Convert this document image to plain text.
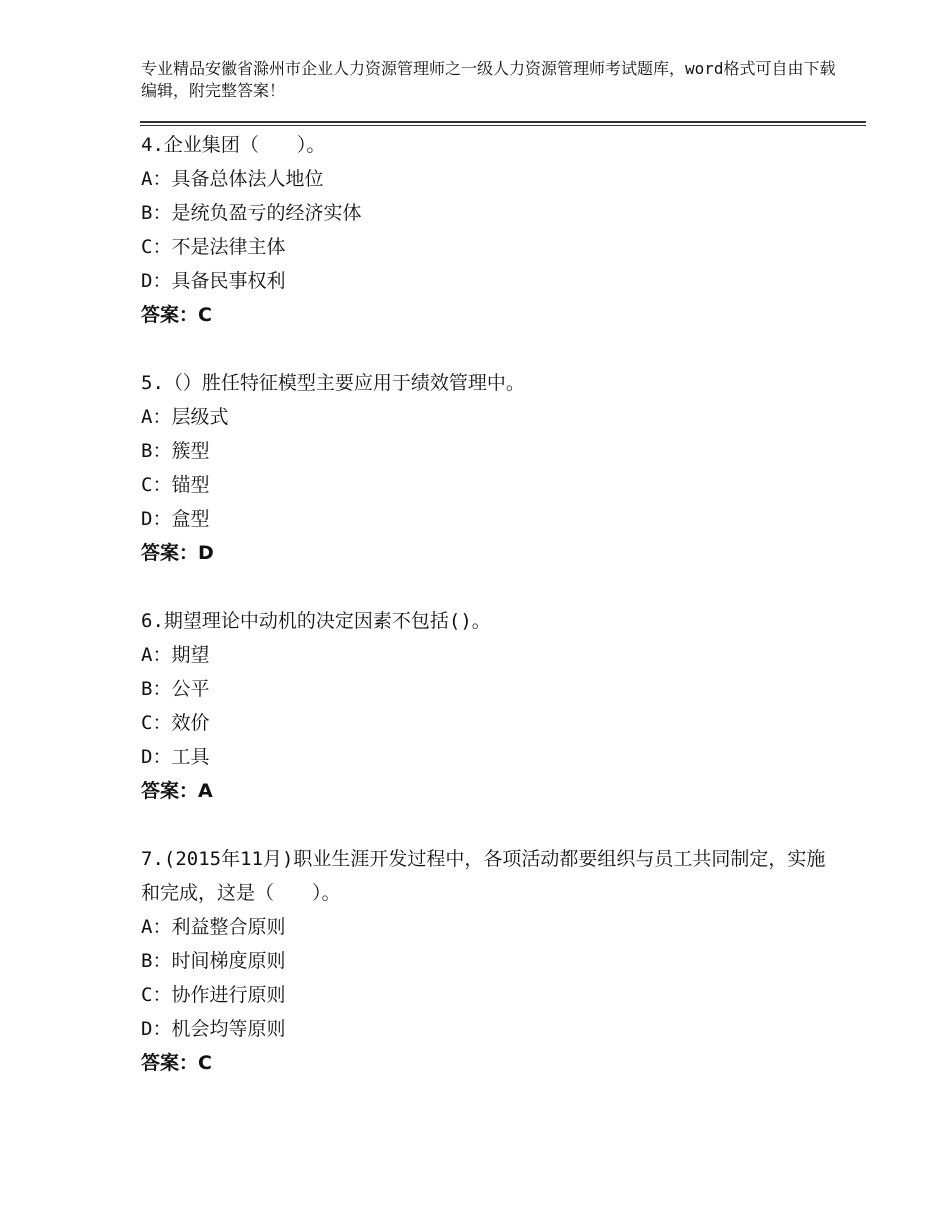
专业精品安徽省滁州市企业人力资源管理师之一级人力资源管理师考试题库，word格式可自由下载编辑，附完整答案！
4.企业集团（　　）。
A：具备总体法人地位
B：是统负盈亏的经济实体
C：不是法律主体
D：具备民事权利
答案：C
5.（）胜任特征模型主要应用于绩效管理中。
A：层级式
B：簇型
C：锚型
D：盒型
答案：D
6.期望理论中动机的决定因素不包括()。
A：期望
B：公平
C：效价
D：工具
答案：A
7.(2015年11月)职业生涯开发过程中，各项活动都要组织与员工共同制定，实施和完成，这是（　　）。
A：利益整合原则
B：时间梯度原则
C：协作进行原则
D：机会均等原则
答案：C
